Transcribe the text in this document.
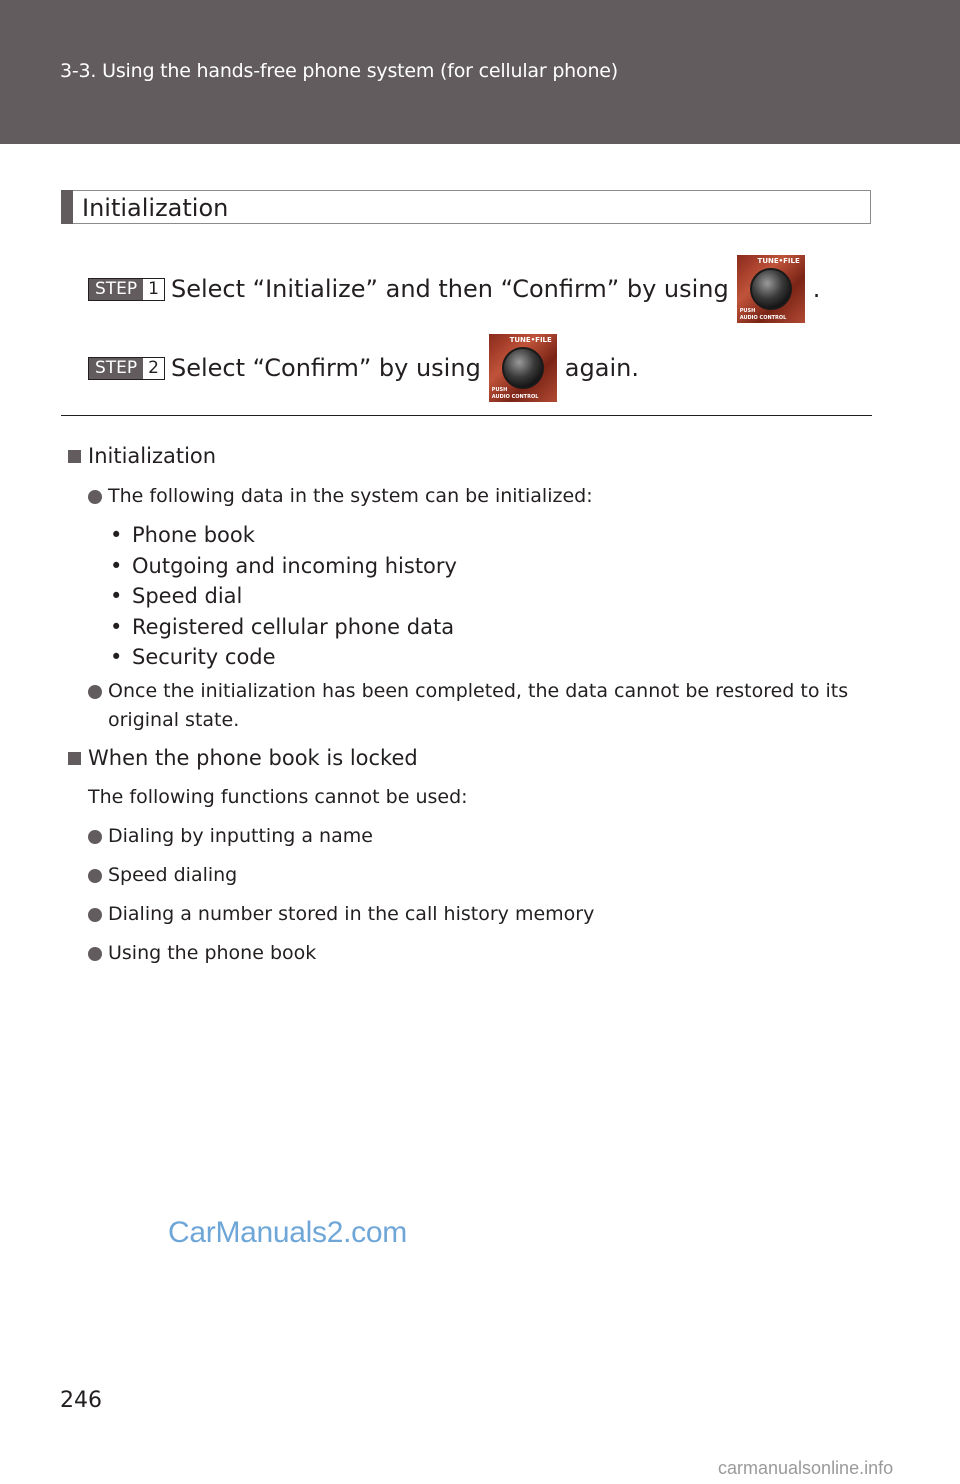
3-3. Using the hands-free phone system (for cellular phone)
Initialization
STEP 1 Select “Initialize” and then “Confirm” by using
TUNE•FILE
PUSH
AUDIO CONTROL
.
STEP 2 Select “Confirm” by using
TUNE•FILE
PUSH
AUDIO CONTROL
again.
Initialization
The following data in the system can be initialized:
• Phone book
• Outgoing and incoming history
• Speed dial
• Registered cellular phone data
• Security code
Once the initialization has been completed, the data cannot be restored to its original state.
When the phone book is locked
The following functions cannot be used:
Dialing by inputting a name
Speed dialing
Dialing a number stored in the call history memory
Using the phone book
CarManuals2.com
246
carmanualsonline.info
